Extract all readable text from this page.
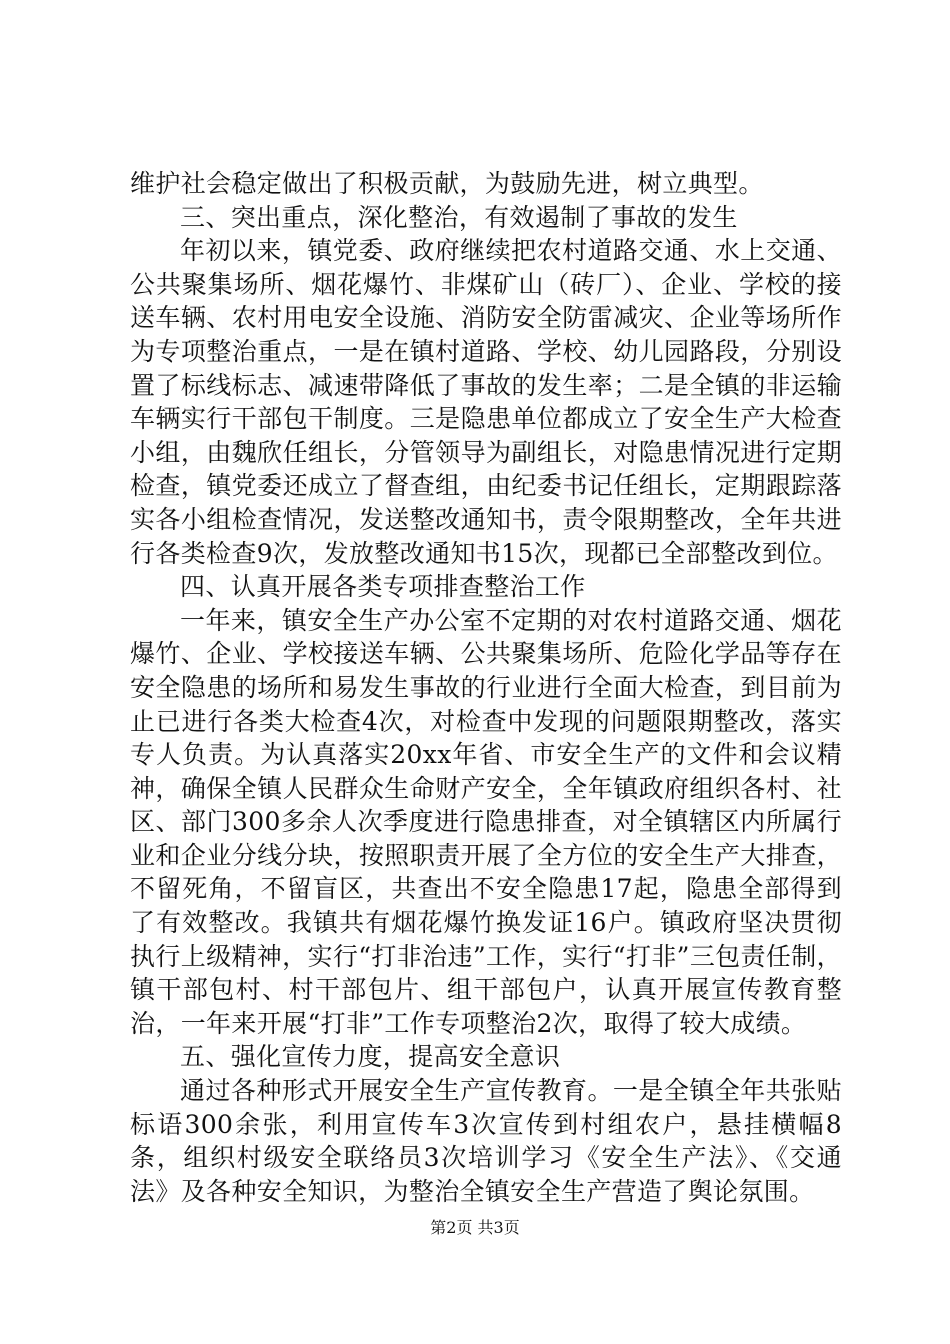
维护社会稳定做出了积极贡献，为鼓励先进，树立典型。

三、突出重点，深化整治，有效遏制了事故的发生

年初以来，镇党委、政府继续把农村道路交通、水上交通、公共聚集场所、烟花爆竹、非煤矿山（砖厂）、企业、学校的接送车辆、农村用电安全设施、消防安全防雷减灾、企业等场所作为专项整治重点，一是在镇村道路、学校、幼儿园路段，分别设置了标线标志、减速带降低了事故的发生率；二是全镇的非运输车辆实行干部包干制度。三是隐患单位都成立了安全生产大检查小组，由魏欣任组长，分管领导为副组长，对隐患情况进行定期检查，镇党委还成立了督查组，由纪委书记任组长，定期跟踪落实各小组检查情况，发送整改通知书，责令限期整改，全年共进行各类检查9次，发放整改通知书15次，现都已全部整改到位。

四、认真开展各类专项排查整治工作

一年来，镇安全生产办公室不定期的对农村道路交通、烟花爆竹、企业、学校接送车辆、公共聚集场所、危险化学品等存在安全隐患的场所和易发生事故的行业进行全面大检查，到目前为止已进行各类大检查4次，对检查中发现的问题限期整改，落实专人负责。为认真落实20xx年省、市安全生产的文件和会议精神，确保全镇人民群众生命财产安全，全年镇政府组织各村、社区、部门300多余人次季度进行隐患排查，对全镇辖区内所属行业和企业分线分块，按照职责开展了全方位的安全生产大排查，不留死角，不留盲区，共查出不安全隐患17起，隐患全部得到了有效整改。我镇共有烟花爆竹换发证16户。镇政府坚决贯彻执行上级精神，实行“打非治违”工作，实行“打非”三包责任制，镇干部包村、村干部包片、组干部包户，认真开展宣传教育整治，一年来开展“打非”工作专项整治2次，取得了较大成绩。

五、强化宣传力度，提高安全意识

通过各种形式开展安全生产宣传教育。一是全镇全年共张贴标语300余张，利用宣传车3次宣传到村组农户，悬挂横幅8条，组织村级安全联络员3次培训学习《安全生产法》、《交通法》及各种安全知识，为整治全镇安全生产营造了舆论氛围。

第2页 共3页
